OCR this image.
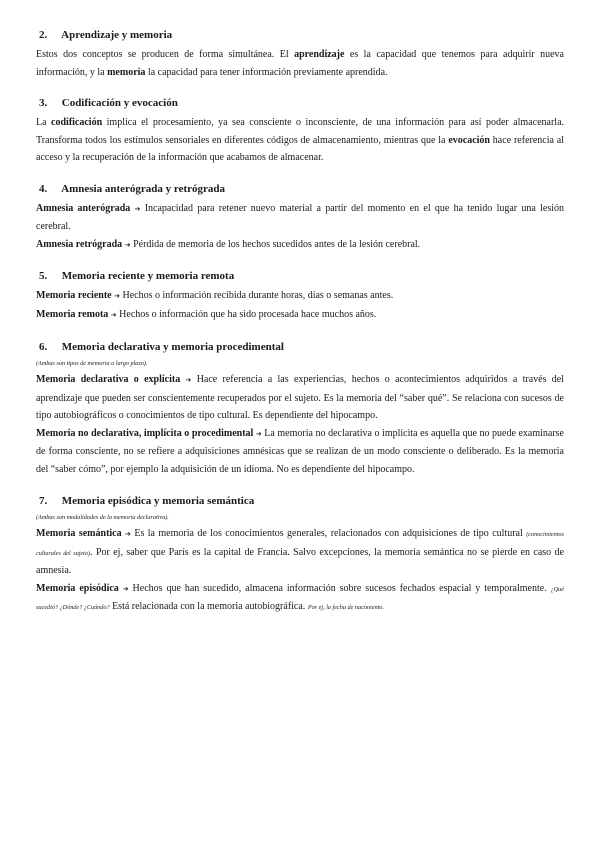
2. Aprendizaje y memoria

Estos dos conceptos se producen de forma simultánea. El aprendizaje es la capacidad que tenemos para adquirir nueva información, y la memoria la capacidad para tener información previamente aprendida.

3. Codificación y evocación

La codificación implica el procesamiento, ya sea consciente o inconsciente, de una información para así poder almacenarla. Transforma todos los estímulos sensoriales en diferentes códigos de almacenamiento, mientras que la evocación hace referencia al acceso y la recuperación de la información que acabamos de almacenar.

4. Amnesia anterógrada y retrógrada

Amnesia anterógrada ➔ Incapacidad para retener nuevo material a partir del momento en el que ha tenido lugar una lesión cerebral.

Amnesia retrógrada ➔ Pérdida de memoria de los hechos sucedidos antes de la lesión cerebral.

5. Memoria reciente y memoria remota

Memoria reciente ➔ Hechos o información recibida durante horas, días o semanas antes.

Memoria remota ➔ Hechos o información que ha sido procesada hace muchos años.

6. Memoria declarativa y memoria procedimental

(Ambas son tipos de memoria a largo plazo).

Memoria declarativa o explícita ➔ Hace referencia a las experiencias, hechos o acontecimientos adquiridos a través del aprendizaje que pueden ser conscientemente recuperados por el sujeto. Es la memoria del “saber qué”. Se relaciona con sucesos de tipo autobiográficos o conocimientos de tipo cultural. Es dependiente del hipocampo.

Memoria no declarativa, implícita o procedimental ➔ La memoria no declarativa o implícita es aquella que no puede examinarse de forma consciente, no se refiere a adquisiciones amnésicas que se realizan de un modo consciente o deliberado. Es la memoria del “saber cómo”, por ejemplo la adquisición de un idioma. No es dependiente del hipocampo.

7. Memoria episódica y memoria semántica

(Ambas son modalidades de la memoria declarativa).

Memoria semántica ➔ Es la memoria de los conocimientos generales, relacionados con adquisiciones de tipo cultural (conocimientos culturales del sujeto). Por ej, saber que París es la capital de Francia. Salvo excepciones, la memoria semántica no se pierde en caso de amnesia.

Memoria episódica ➔ Hechos que han sucedido, almacena información sobre sucesos fechados espacial y temporalmente. ¿Qué sucedió? ¿Dónde? ¿Cuándo? Está relacionada con la memoria autobiográfica. Por ej, la fecha de nacimiento.
